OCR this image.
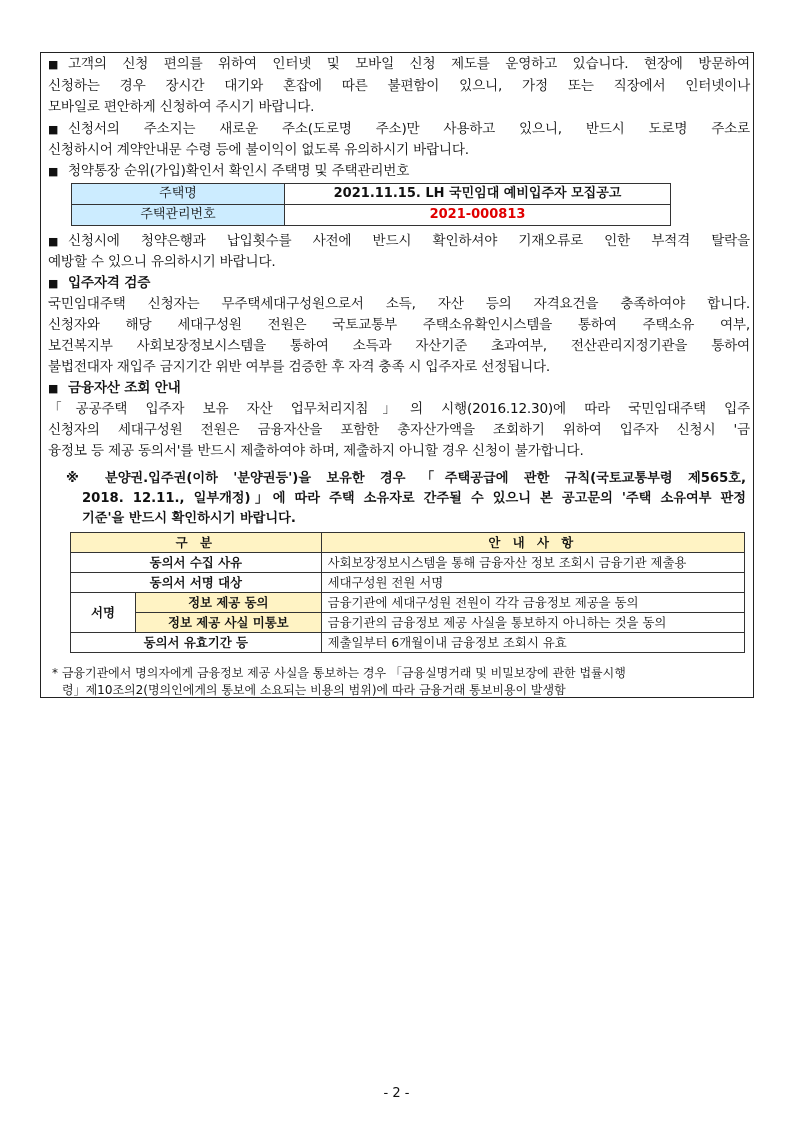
■ 고객의 신청 편의를 위하여 인터넷 및 모바일 신청 제도를 운영하고 있습니다. 현장에 방문하여
신청하는 경우 장시간 대기와 혼잡에 따른 불편함이 있으니, 가정 또는 직장에서 인터넷이나
모바일로 편안하게 신청하여 주시기 바랍니다.
■ 신청서의 주소지는 새로운 주소(도로명 주소)만 사용하고 있으니, 반드시 도로명 주소로
신청하시어 계약안내문 수령 등에 불이익이 없도록 유의하시기 바랍니다.
■ 청약통장 순위(가입)확인서 확인시 주택명 및 주택관리번호
주택명	2021.11.15. LH 국민임대 예비입주자 모집공고
주택관리번호	2021-000813
■ 신청시에 청약은행과 납입횟수를 사전에 반드시 확인하셔야 기재오류로 인한 부적격 탈락을
예방할 수 있으니 유의하시기 바랍니다.
■ 입주자격 검증
국민임대주택 신청자는 무주택세대구성원으로서 소득, 자산 등의 자격요건을 충족하여야 합니다.
신청자와 해당 세대구성원 전원은 국토교통부 주택소유확인시스템을 통하여 주택소유 여부,
보건복지부 사회보장정보시스템을 통하여 소득과 자산기준 초과여부, 전산관리지정기관을 통하여
불법전대자 재입주 금지기간 위반 여부를 검증한 후 자격 충족 시 입주자로 선정됩니다.
■ 금융자산 조회 안내
「공공주택 입주자 보유 자산 업무처리지침」의 시행(2016.12.30)에 따라 국민임대주택 입주
신청자의 세대구성원 전원은 금융자산을 포함한 총자산가액을 조회하기 위하여 입주자 신청시 '금
융정보 등 제공 동의서'를 반드시 제출하여야 하며, 제출하지 아니할 경우 신청이 불가합니다.
※ 분양권.입주권(이하 '분양권등')을 보유한 경우 「주택공급에 관한 규칙(국토교통부령 제565호,
2018. 12.11., 일부개정)」에 따라 주택 소유자로 간주될 수 있으니 본 공고문의 '주택 소유여부 판정
기준'을 반드시 확인하시기 바랍니다.
구 분		안 내 사 항
동의서 수집 사유		사회보장정보시스템을 통해 금융자산 정보 조회시 금융기관 제출용
동의서 서명 대상		세대구성원 전원 서명
서명	정보 제공 동의	금융기관에 세대구성원 전원이 각각 금융정보 제공을 동의
	정보 제공 사실 미통보	금융기관의 금융정보 제공 사실을 통보하지 아니하는 것을 동의
동의서 유효기간 등		제출일부터 6개월이내 금융정보 조회시 유효
* 금융기관에서 명의자에게 금융정보 제공 사실을 통보하는 경우 「금융실명거래 및 비밀보장에 관한 법률시행
령」제10조의2(명의인에게의 통보에 소요되는 비용의 범위)에 따라 금융거래 통보비용이 발생함
- 2 -
